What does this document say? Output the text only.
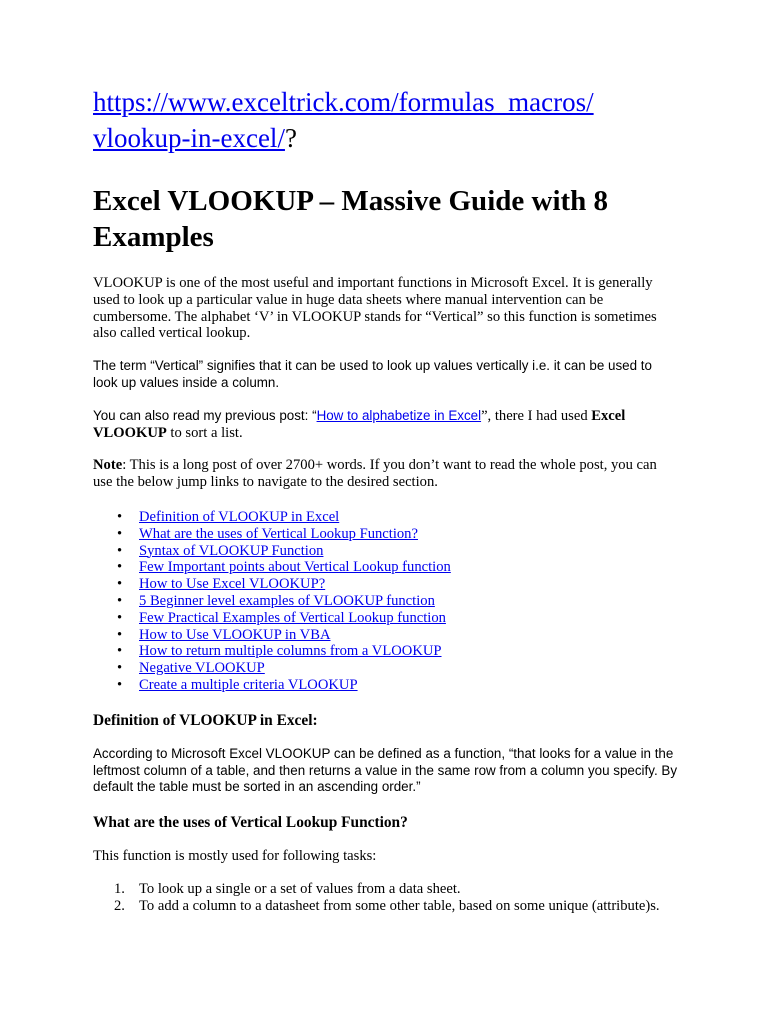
https://www.exceltrick.com/formulas_macros/
vlookup-in-excel/?

Excel VLOOKUP – Massive Guide with 8 Examples

VLOOKUP is one of the most useful and important functions in Microsoft Excel. It is generally used to look up a particular value in huge data sheets where manual intervention can be cumbersome. The alphabet ‘V’ in VLOOKUP stands for “Vertical” so this function is sometimes also called vertical lookup.

The term “Vertical” signifies that it can be used to look up values vertically i.e. it can be used to look up values inside a column.

You can also read my previous post: “How to alphabetize in Excel”, there I had used Excel VLOOKUP to sort a list.

Note: This is a long post of over 2700+ words. If you don’t want to read the whole post, you can use the below jump links to navigate to the desired section.

• Definition of VLOOKUP in Excel
• What are the uses of Vertical Lookup Function?
• Syntax of VLOOKUP Function
• Few Important points about Vertical Lookup function
• How to Use Excel VLOOKUP?
• 5 Beginner level examples of VLOOKUP function
• Few Practical Examples of Vertical Lookup function
• How to Use VLOOKUP in VBA
• How to return multiple columns from a VLOOKUP
• Negative VLOOKUP
• Create a multiple criteria VLOOKUP
Definition of VLOOKUP in Excel:

According to Microsoft Excel VLOOKUP can be defined as a function, “that looks for a value in the leftmost column of a table, and then returns a value in the same row from a column you specify. By default the table must be sorted in an ascending order.”

What are the uses of Vertical Lookup Function?

This function is mostly used for following tasks:

1. To look up a single or a set of values from a data sheet.
2. To add a column to a datasheet from some other table, based on some unique (attribute)s.
